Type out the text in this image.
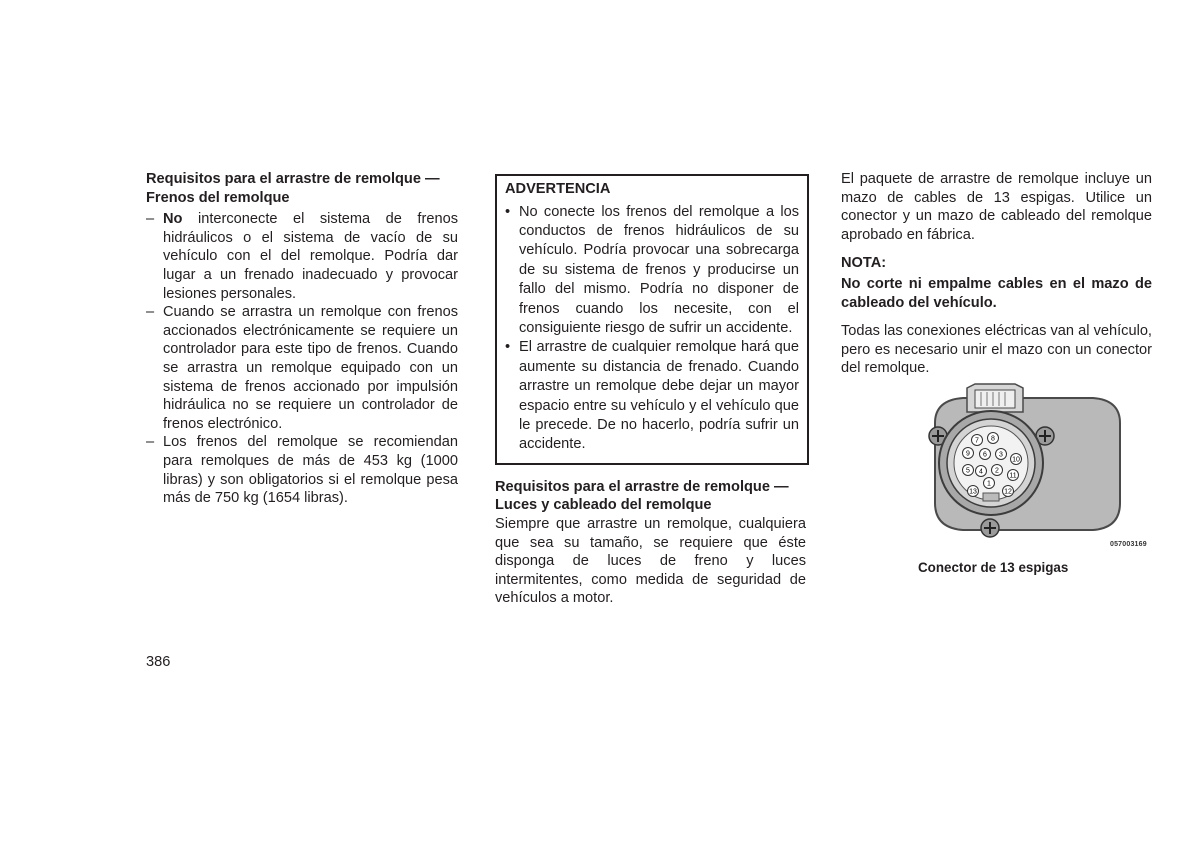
Requisitos para el arrastre de remolque — Frenos del remolque

– No interconecte el sistema de frenos hidráulicos o el sistema de vacío de su vehículo con el del remolque. Podría dar lugar a un frenado inadecuado y provocar lesiones personales.
– Cuando se arrastra un remolque con frenos accionados electrónicamente se requiere un controlador para este tipo de frenos. Cuando se arrastra un remolque equipado con un sistema de frenos accionado por impulsión hidráulica no se requiere un controlador de frenos electrónico.
– Los frenos del remolque se recomiendan para remolques de más de 453 kg (1000 libras) y son obligatorios si el remolque pesa más de 750 kg (1654 libras).

ADVERTENCIA

• No conecte los frenos del remolque a los conductos de frenos hidráulicos de su vehículo. Podría provocar una sobrecarga de su sistema de frenos y producirse un fallo del mismo. Podría no disponer de frenos cuando los necesite, con el consiguiente riesgo de sufrir un accidente.
• El arrastre de cualquier remolque hará que aumente su distancia de frenado. Cuando arrastre un remolque debe dejar un mayor espacio entre su vehículo y el vehículo que le precede. De no hacerlo, podría sufrir un accidente.

Requisitos para el arrastre de remolque — Luces y cableado del remolque

Siempre que arrastre un remolque, cualquiera que sea su tamaño, se requiere que éste disponga de luces de freno y luces intermitentes, como medida de seguridad de vehículos a motor.

El paquete de arrastre de remolque incluye un mazo de cables de 13 espigas. Utilice un conector y un mazo de cableado del remolque aprobado en fábrica.

NOTA:

No corte ni empalme cables en el mazo de cableado del vehículo.

Todas las conexiones eléctricas van al vehículo, pero es necesario unir el mazo con un conector del remolque.

7 8
9 6 3
10
5 4 2
11
1
13	12
057003169
Conector de 13 espigas
386
